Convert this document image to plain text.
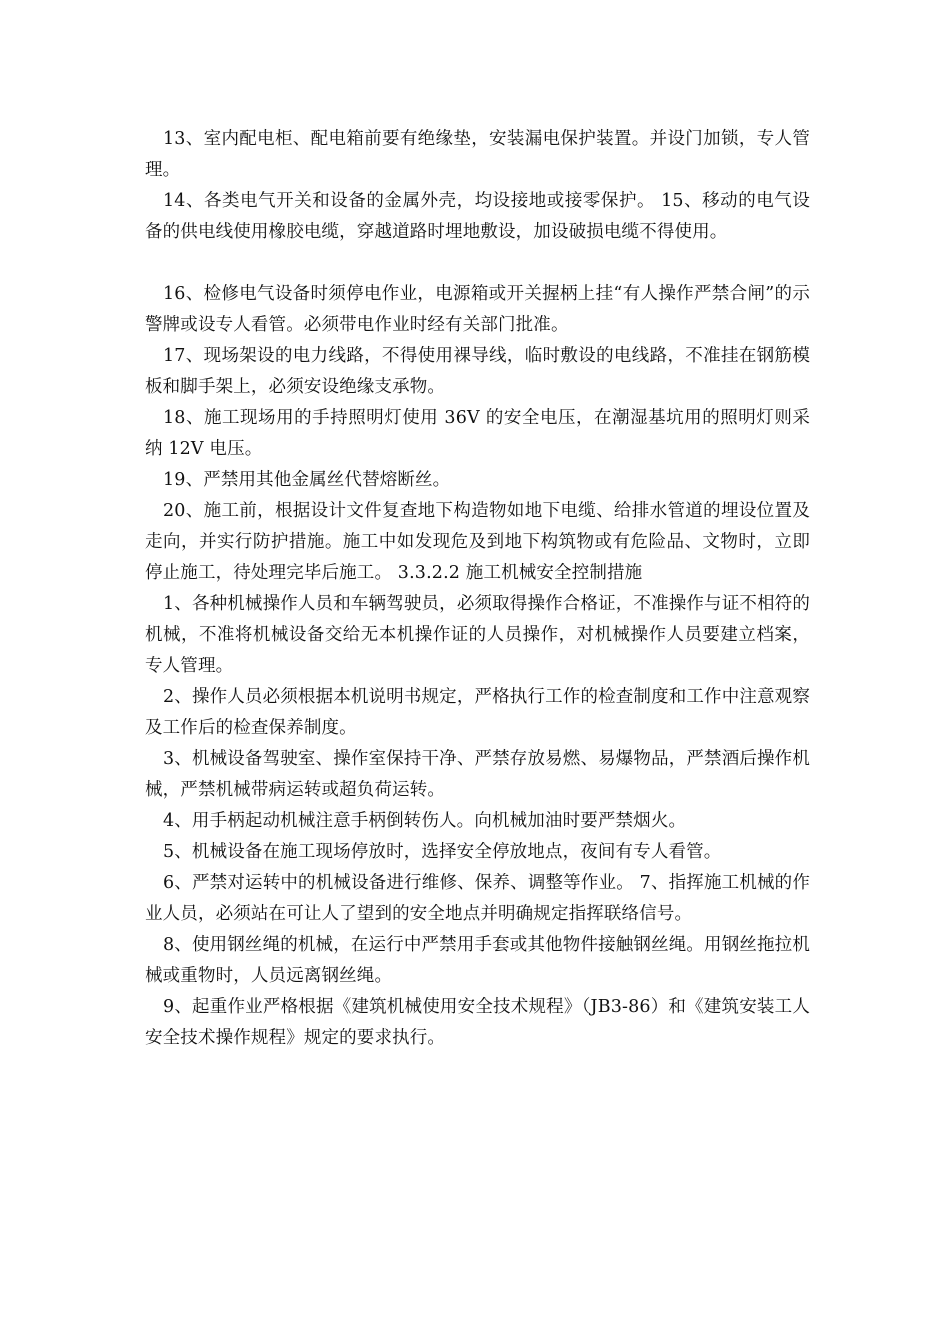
13、室内配电柜、配电箱前要有绝缘垫，安装漏电保护装置。并设门加锁，专人管理。

14、各类电气开关和设备的金属外壳，均设接地或接零保护。 15、移动的电气设备的供电线使用橡胶电缆，穿越道路时埋地敷设，加设破损电缆不得使用。

16、检修电气设备时须停电作业，电源箱或开关握柄上挂“有人操作严禁合闸”的示警牌或设专人看管。必须带电作业时经有关部门批准。

17、现场架设的电力线路，不得使用裸导线，临时敷设的电线路，不准挂在钢筋模板和脚手架上，必须安设绝缘支承物。

18、施工现场用的手持照明灯使用 36V 的安全电压，在潮湿基坑用的照明灯则采纳 12V 电压。

19、严禁用其他金属丝代替熔断丝。

20、施工前，根据设计文件复查地下构造物如地下电缆、给排水管道的埋设位置及走向，并实行防护措施。施工中如发现危及到地下构筑物或有危险品、文物时，立即停止施工，待处理完毕后施工。 3.3.2.2 施工机械安全控制措施

1、各种机械操作人员和车辆驾驶员，必须取得操作合格证，不准操作与证不相符的机械，不准将机械设备交给无本机操作证的人员操作，对机械操作人员要建立档案，专人管理。

2、操作人员必须根据本机说明书规定，严格执行工作的检查制度和工作中注意观察及工作后的检查保养制度。

3、机械设备驾驶室、操作室保持干净、严禁存放易燃、易爆物品，严禁酒后操作机械，严禁机械带病运转或超负荷运转。

4、用手柄起动机械注意手柄倒转伤人。向机械加油时要严禁烟火。

5、机械设备在施工现场停放时，选择安全停放地点，夜间有专人看管。

6、严禁对运转中的机械设备进行维修、保养、调整等作业。 7、指挥施工机械的作业人员，必须站在可让人了望到的安全地点并明确规定指挥联络信号。

8、使用钢丝绳的机械，在运行中严禁用手套或其他物件接触钢丝绳。用钢丝拖拉机械或重物时，人员远离钢丝绳。

9、起重作业严格根据《建筑机械使用安全技术规程》（JB3-86）和《建筑安装工人安全技术操作规程》规定的要求执行。
